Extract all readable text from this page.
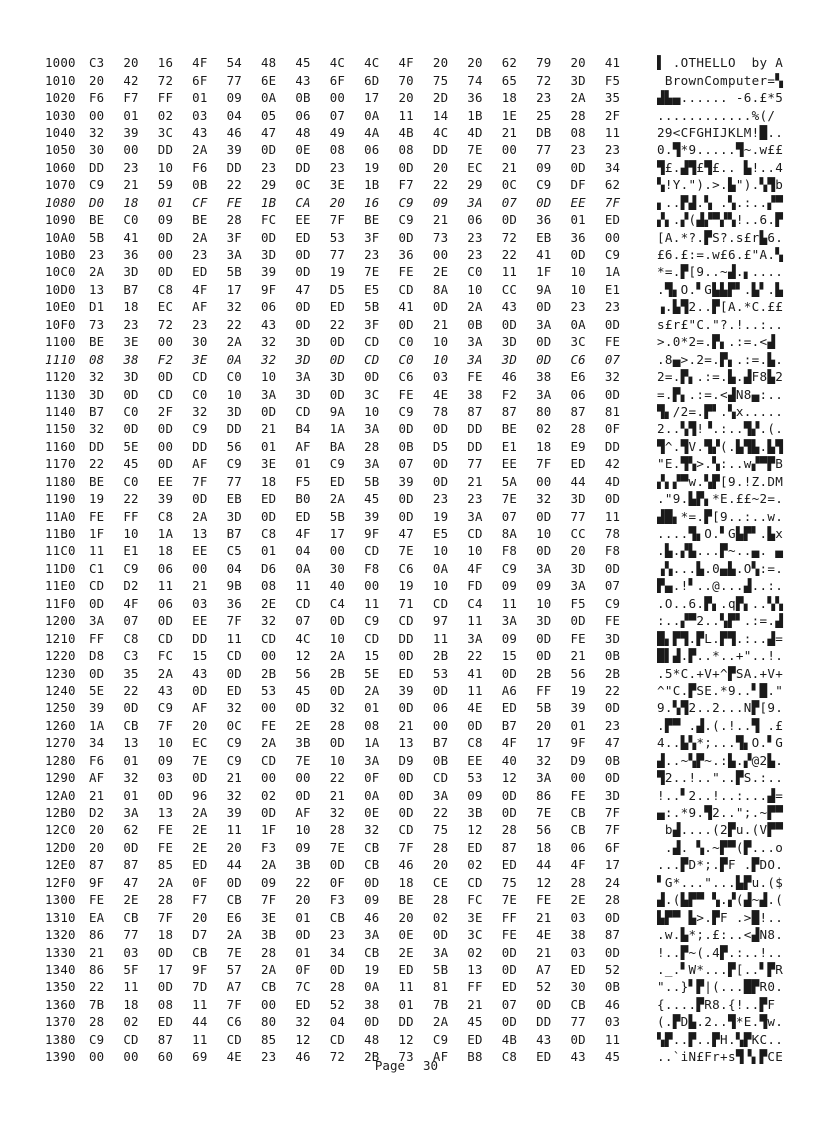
1000	C3	20	16	4F	54	48	45	4C	4C	4F	20	20	62	79	20	41	▌ .OTHELLO  by A
1010	20	42	72	6F	77	6E	43	6F	6D	70	75	74	65	72	3D	F5	BrownComputer=▚
1020	F6	F7	FF	01	09	0A	0B	00	17	20	2D	36	18	23	2A	35	▟▙▄...... -6.£*5
1030	00	01	02	03	04	05	06	07	0A	11	14	1B	1E	25	28	2F	............%(/
1040	32	39	3C	43	46	47	48	49	4A	4B	4C	4D	21	DB	08	11	29<CFGHIJKLM!█..
1050	30	00	DD	2A	39	0D	0E	08	06	08	DD	7E	00	77	23	23	0.▜*9.....▜~.w££
1060	DD	23	10	F6	DD	23	DD	23	19	0D	20	EC	21	09	0D	34	▜£.▟▜£▜£.. ▙!..4
1070	C9	21	59	0B	22	29	0C	3E	1B	F7	22	29	0C	C9	DF	62	▚!Y.").>.▙").▚▜b
1080	D0	18	01	CF	FE	1B	CA	20	16	C9	09	3A	07	0D	EE	7F	▖..▛▟.▚ .▚.:..▞▀
1090	BE	C0	09	BE	28	FC	EE	7F	BE	C9	21	06	0D	36	01	ED	▞▖.▞(▟▞▀▞▚!..6.▛
10A0	5B	41	0D	2A	3F	0D	ED	53	3F	0D	73	23	72	EB	36	00	[A.*?.▛S?.s£r▙6.
10B0	23	36	00	23	3A	3D	0D	77	23	36	00	23	22	41	0D	C9	£6.£:=.w£6.£"A.▚
10C0	2A	3D	0D	ED	5B	39	0D	19	7E	FE	2E	C0	11	1F	10	1A	*=.▛[9..~▟.▖....
10D0	13	B7	C8	4F	17	9F	47	D5	E5	CD	8A	10	CC	9A	10	E1	.▜▖O.▘G▙▙▛▘.▙▘.▙
10E0	D1	18	EC	AF	32	06	0D	ED	5B	41	0D	2A	43	0D	23	23	▗.▙▜2..▛[A.*C.££
10F0	73	23	72	23	22	43	0D	22	3F	0D	21	0B	0D	3A	0A	0D	s£r£"C."?.!..:..
1100	BE	3E	00	30	2A	32	3D	0D	CD	C0	10	3A	3D	0D	3C	FE	>.0*2=.▛▖.:=.<▟
1110	08	38	F2	3E	0A	32	3D	0D	CD	C0	10	3A	3D	0D	C6	07	.8▄>.2=.▛▖.:=.▙.
1120	32	3D	0D	CD	C0	10	3A	3D	0D	C6	03	FE	46	38	E6	32	2=.▛▖.:=.▙.▟F8▙2
1130	3D	0D	CD	C0	10	3A	3D	0D	3C	FE	4E	38	F2	3A	06	0D	=.▛▖.:=.<▟N8▄:..
1140	B7	C0	2F	32	3D	0D	CD	9A	10	C9	78	87	87	80	87	81	▜▖/2=.▛▘.▚x.....
1150	32	0D	0D	C9	DD	21	B4	1A	3A	0D	0D	DD	BE	02	28	0F	2..▚▜!▝.:..▜▞.(.
1160	DD	5E	00	DD	56	01	AF	BA	28	0B	D5	DD	E1	18	E9	DD	▜^.▜V.▜▞(.▙▜▙.▙▜
1170	22	45	0D	AF	C9	3E	01	C9	3A	07	0D	77	EE	7F	ED	42	"E.▜▚>.▚:..w▞▀▛B
1180	BE	C0	EE	7F	77	18	F5	ED	5B	39	0D	21	5A	00	44	4D	▞▖▞▀w.▚▛[9.!Z.DM
1190	19	22	39	0D	EB	ED	B0	2A	45	0D	23	23	7E	32	3D	0D	."9.▙▛▖*E.££~2=.
11A0	FE	FF	C8	2A	3D	0D	ED	5B	39	0D	19	3A	07	0D	77	11	▟█▖*=.▛[9..:..w.
11B0	1F	10	1A	13	B7	C8	4F	17	9F	47	E5	CD	8A	10	CC	78	....▜▖O.▘G▙▛▘.▙x
11C0	11	E1	18	EE	C5	01	04	00	CD	7E	10	10	F8	0D	20	F8	.▙.▞▙...▛~..▄. ▄
11D0	C1	C9	06	00	04	D6	0A	30	F8	C6	0A	4F	C9	3A	3D	0D	▗▚...▙.0▄▙.O▚:=.
11E0	CD	D2	11	21	9B	08	11	40	00	19	10	FD	09	09	3A	07	▛▄.!▘..@...▟..:.
11F0	0D	4F	06	03	36	2E	CD	C4	11	71	CD	C4	11	10	F5	C9	.O..6.▛▖.q▛▖..▚▚
1200	3A	07	0D	EE	7F	32	07	0D	C9	CD	97	11	3A	3D	0D	FE	:..▞▀2..▚▛▘.:=.▟
1210	FF	C8	CD	DD	11	CD	4C	10	CD	DD	11	3A	09	0D	FE	3D	█▖▛▜.▛L.▛▜.:..▟=
1220	D8	C3	FC	15	CD	00	12	2A	15	0D	2B	22	15	0D	21	0B	█▌▟.▛..*..+"..!.
1230	0D	35	2A	43	0D	2B	56	2B	5E	ED	53	41	0D	2B	56	2B	.5*C.+V+^▛SA.+V+
1240	5E	22	43	0D	ED	53	45	0D	2A	39	0D	11	A6	FF	19	22	^"C.▛SE.*9..▘█."
1250	39	0D	C9	AF	32	00	0D	32	01	0D	06	4E	ED	5B	39	0D	9.▚▜2..2...N▛[9.
1260	1A	CB	7F	20	0C	FE	2E	28	08	21	00	0D	B7	20	01	23	.▛▀ .▟.(.!..▜ .£
1270	34	13	10	EC	C9	2A	3B	0D	1A	13	B7	C8	4F	17	9F	47	4..▙▚*;...▜▖O.▘G
1280	F6	01	09	7E	C9	CD	7E	10	3A	D9	0B	EE	40	32	D9	0B	▟..~▚▛~.:▙.▞@2▙.
1290	AF	32	03	0D	21	00	00	22	0F	0D	CD	53	12	3A	00	0D	▜2..!.."..▛S.:..
12A0	21	01	0D	96	32	02	0D	21	0A	0D	3A	09	0D	86	FE	3D	!..▘2..!..:...▟=
12B0	D2	3A	13	2A	39	0D	AF	32	0E	0D	22	3B	0D	7E	CB	7F	▄:.*9.▜2..";.~▛▀
12C0	20	62	FE	2E	11	1F	10	28	32	CD	75	12	28	56	CB	7F	b▟....(2▛u.(V▛▀
12D0	20	0D	FE	2E	20	F3	09	7E	CB	7F	28	ED	87	18	06	6F	.▟. ▚.~▛▀(▛...o
12E0	87	87	85	ED	44	2A	3B	0D	CB	46	20	02	ED	44	4F	17	...▛D*;.▛F .▛DO.
12F0	9F	47	2A	0F	0D	09	22	0F	0D	18	CE	CD	75	12	28	24	▘G*..."...▙▛u.($
1300	FE	2E	28	F7	CB	7F	20	F3	09	BE	28	FC	7E	FE	2E	28	▟.(▙▛▀ ▚.▞(▟~▟.(
1310	EA	CB	7F	20	E6	3E	01	CB	46	20	02	3E	FF	21	03	0D	▙▛▀ ▙>.▛F .>█!..
1320	86	77	18	D7	2A	3B	0D	23	3A	0E	0D	3C	FE	4E	38	87	.w.▙*;.£:..<▟N8.
1330	21	03	0D	CB	7E	28	01	34	CB	2E	3A	02	0D	21	03	0D	!..▛~(.4▛.:..!..
1340	86	5F	17	9F	57	2A	0F	0D	19	ED	5B	13	0D	A7	ED	52	._.▘W*...▛[..▘▛R
1350	22	11	0D	7D	A7	CB	7C	28	0A	11	81	FF	ED	52	30	0B	"..}▘▛|(...█▛R0.
1360	7B	18	08	11	7F	00	ED	52	38	01	7B	21	07	0D	CB	46	{....▛R8.{!..▛F
1370	28	02	ED	44	C6	80	32	04	0D	DD	2A	45	0D	DD	77	03	(.▛D▙.2..▜*E.▜w.
1380	C9	CD	87	11	CD	85	12	CD	48	12	C9	ED	4B	43	0D	11	▚▛..▛..▛H.▚▛KC..
1390	00	00	60	69	4E	23	46	72	2B	73	AF	B8	C8	ED	43	45	..`iN£Fr+s▜▝▖▛CE
Page 30
